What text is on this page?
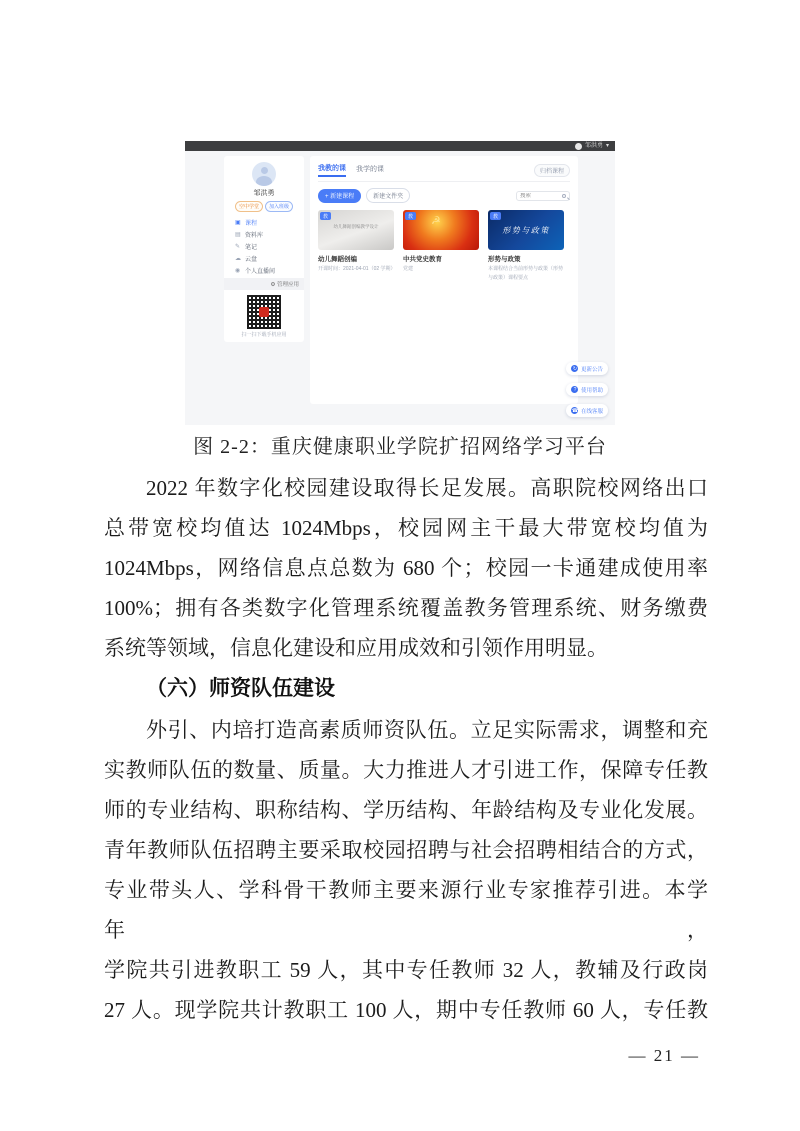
邹洪勇 ▾
邹洪勇
空中学堂	加入班级
▣ 课程
▤ 资料库
✎ 笔记
☁ 云盘
◉ 个人直播间
⚙ 管理应用
扫一扫下载手机应用
我教的课 我学的课	归档课程
+ 新建课程	新建文件夹
搜索
教
幼儿舞蹈创编教学设计
幼儿舞蹈创编
开课时间：2021-04-01（02 学期）
教 ☭
中共党史教育
党建
教
形势与政策
形势与政策
本课程结合当前形势与政策（形势与政策）课程要点
↻ 更新公告
? 使用帮助
☎ 在线客服
图 2-2：重庆健康职业学院扩招网络学习平台
2022 年数字化校园建设取得长足发展。高职院校网络出口
总带宽校均值达 1024Mbps，校园网主干最大带宽校均值为
1024Mbps，网络信息点总数为 680 个；校园一卡通建成使用率
100%；拥有各类数字化管理系统覆盖教务管理系统、财务缴费
系统等领域，信息化建设和应用成效和引领作用明显。
（六）师资队伍建设
外引、内培打造高素质师资队伍。立足实际需求，调整和充
实教师队伍的数量、质量。大力推进人才引进工作，保障专任教
师的专业结构、职称结构、学历结构、年龄结构及专业化发展。
青年教师队伍招聘主要采取校园招聘与社会招聘相结合的方式，
专业带头人、学科骨干教师主要来源行业专家推荐引进。本学年，
学院共引进教职工 59 人，其中专任教师 32 人，教辅及行政岗
27 人。现学院共计教职工 100 人，期中专任教师 60 人，专任教
— 21 —
